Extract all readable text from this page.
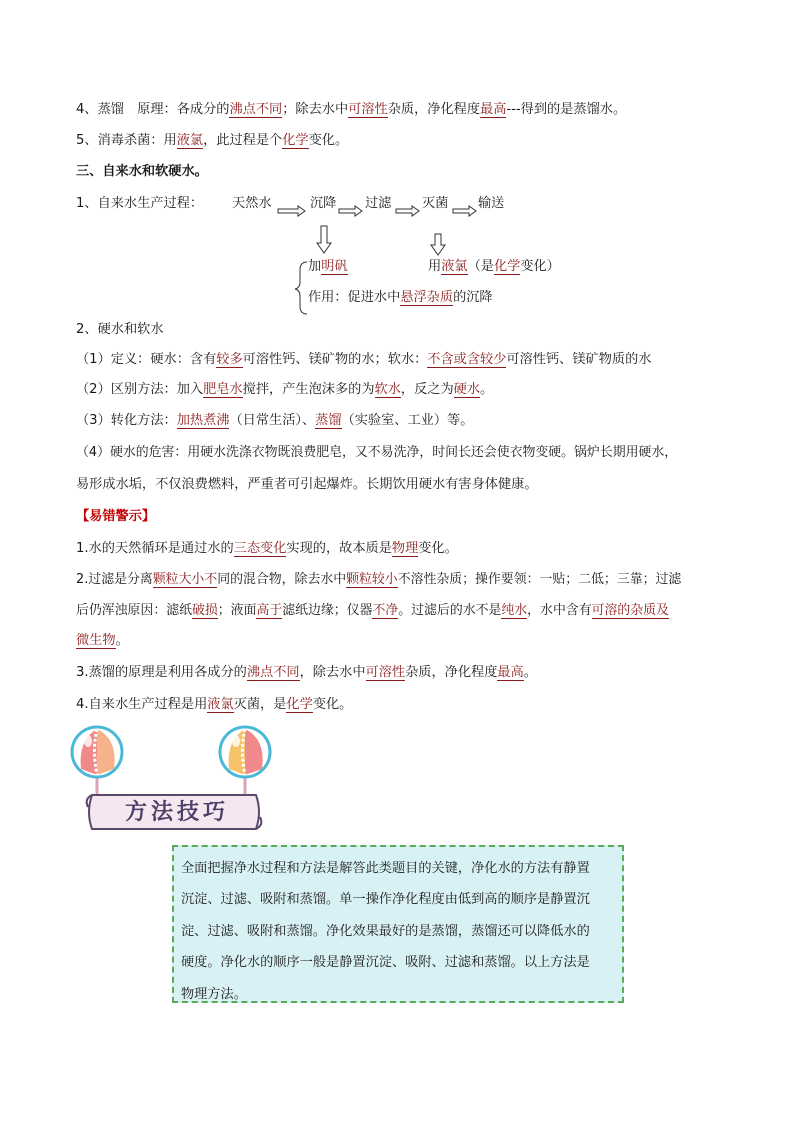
4、蒸馏　原理：各成分的沸点不同；除去水中可溶性杂质，净化程度最高---得到的是蒸馏水。
5、消毒杀菌：用液氯，此过程是个化学变化。
三、自来水和软硬水。
1、自来水生产过程： 天然水	沉降 过滤 灭菌 输送
加明矾	用液氯（是化学变化）
作用：促进水中悬浮杂质的沉降
2、硬水和软水
（1）定义：硬水：含有较多可溶性钙、镁矿物的水；软水：不含或含较少可溶性钙、镁矿物质的水
（2）区别方法：加入肥皂水搅拌，产生泡沫多的为软水，反之为硬水。
（3）转化方法：加热煮沸（日常生活）、蒸馏（实验室、工业）等。
（4）硬水的危害：用硬水洗涤衣物既浪费肥皂，又不易洗净，时间长还会使衣物变硬。锅炉长期用硬水，
易形成水垢，不仅浪费燃料，严重者可引起爆炸。长期饮用硬水有害身体健康。
【易错警示】
1.水的天然循环是通过水的三态变化实现的，故本质是物理变化。
2.过滤是分离颗粒大小不同的混合物，除去水中颗粒较小不溶性杂质；操作要领：一贴；二低；三靠；过滤
后仍浑浊原因：滤纸破损；液面高于滤纸边缘；仪器不净。过滤后的水不是纯水，水中含有可溶的杂质及
微生物。
3.蒸馏的原理是利用各成分的沸点不同，除去水中可溶性杂质，净化程度最高。
4.自来水生产过程是用液氯灭菌，是化学变化。
方法技巧

全面把握净水过程和方法是解答此类题目的关键，净化水的方法有静置

沉淀、过滤、吸附和蒸馏。单一操作净化程度由低到高的顺序是静置沉

淀、过滤、吸附和蒸馏。净化效果最好的是蒸馏，蒸馏还可以降低水的

硬度。净化水的顺序一般是静置沉淀、吸附、过滤和蒸馏。以上方法是

物理方法。
